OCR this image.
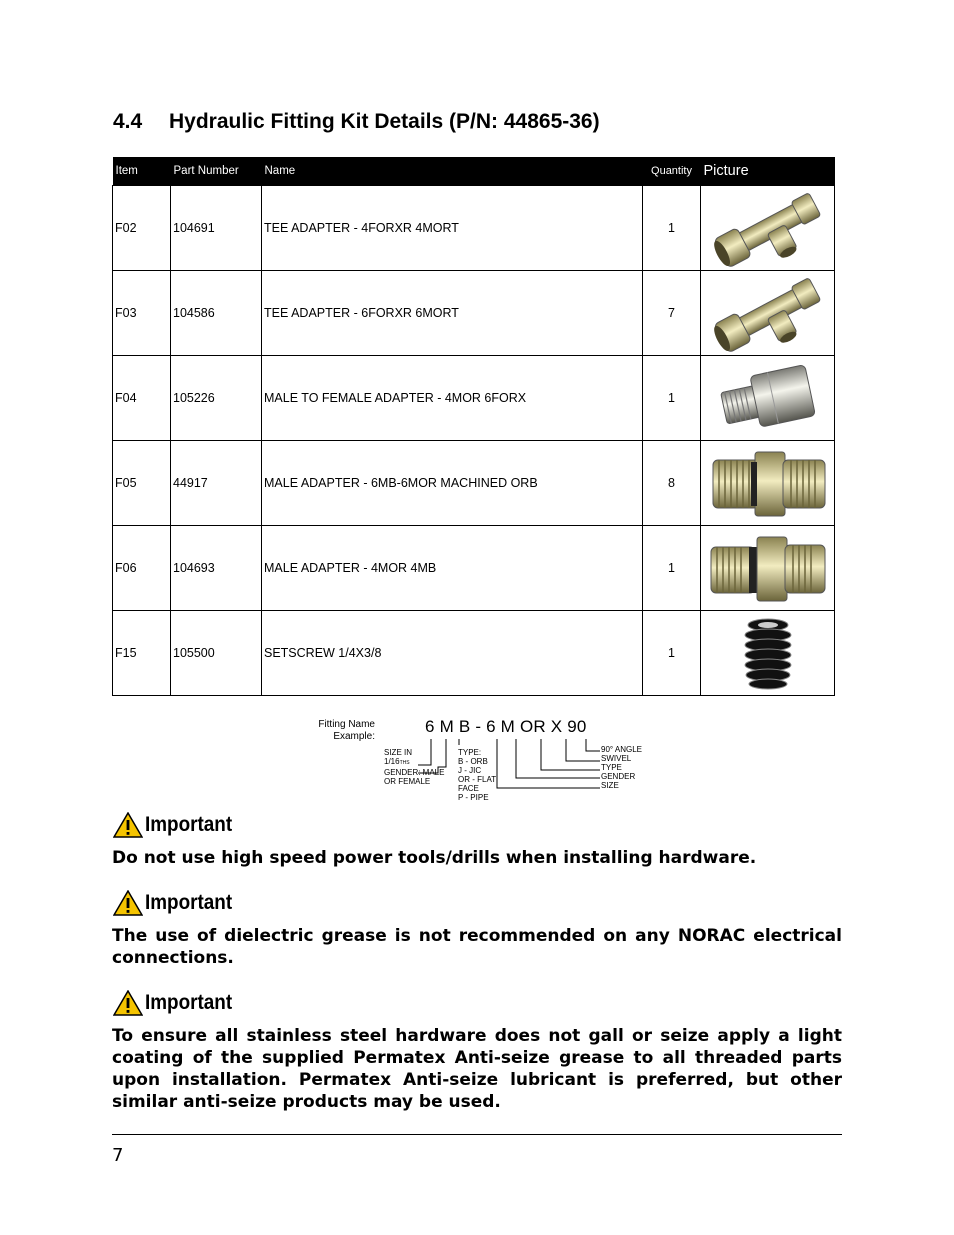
4.4 Hydraulic Fitting Kit Details (P/N: 44865-36)
Item	Part Number	Name	Quantity	Picture
F02	104691	TEE ADAPTER - 4FORXR 4MORT	1	

F03	104586	TEE ADAPTER - 6FORXR 6MORT	7	

F04	105226	MALE TO FEMALE ADAPTER - 4MOR 6FORX	1	

F05	44917	MALE ADAPTER - 6MB-6MOR MACHINED ORB	8	

F06	104693	MALE ADAPTER - 4MOR 4MB	1	

F15	105500	SETSCREW 1/4X3/8	1	
Fitting Name
Example:
6 M B - 6 M OR X 90
SIZE IN
1/16THS
GENDER: MALE
OR FEMALE
TYPE:
B - ORB
J - JIC
OR - FLAT
FACE
P - PIPE
90° ANGLE
SWIVEL
TYPE
GENDER
SIZE
Important
Do not use high speed power tools/drills when installing hardware.
Important
The use of dielectric grease is not recommended on any NORAC electrical connections.
Important
To ensure all stainless steel hardware does not gall or seize apply a light coating of the supplied Permatex Anti-seize grease to all threaded parts upon installation. Permatex Anti-seize lubricant is preferred, but other similar anti-seize products may be used.
7
